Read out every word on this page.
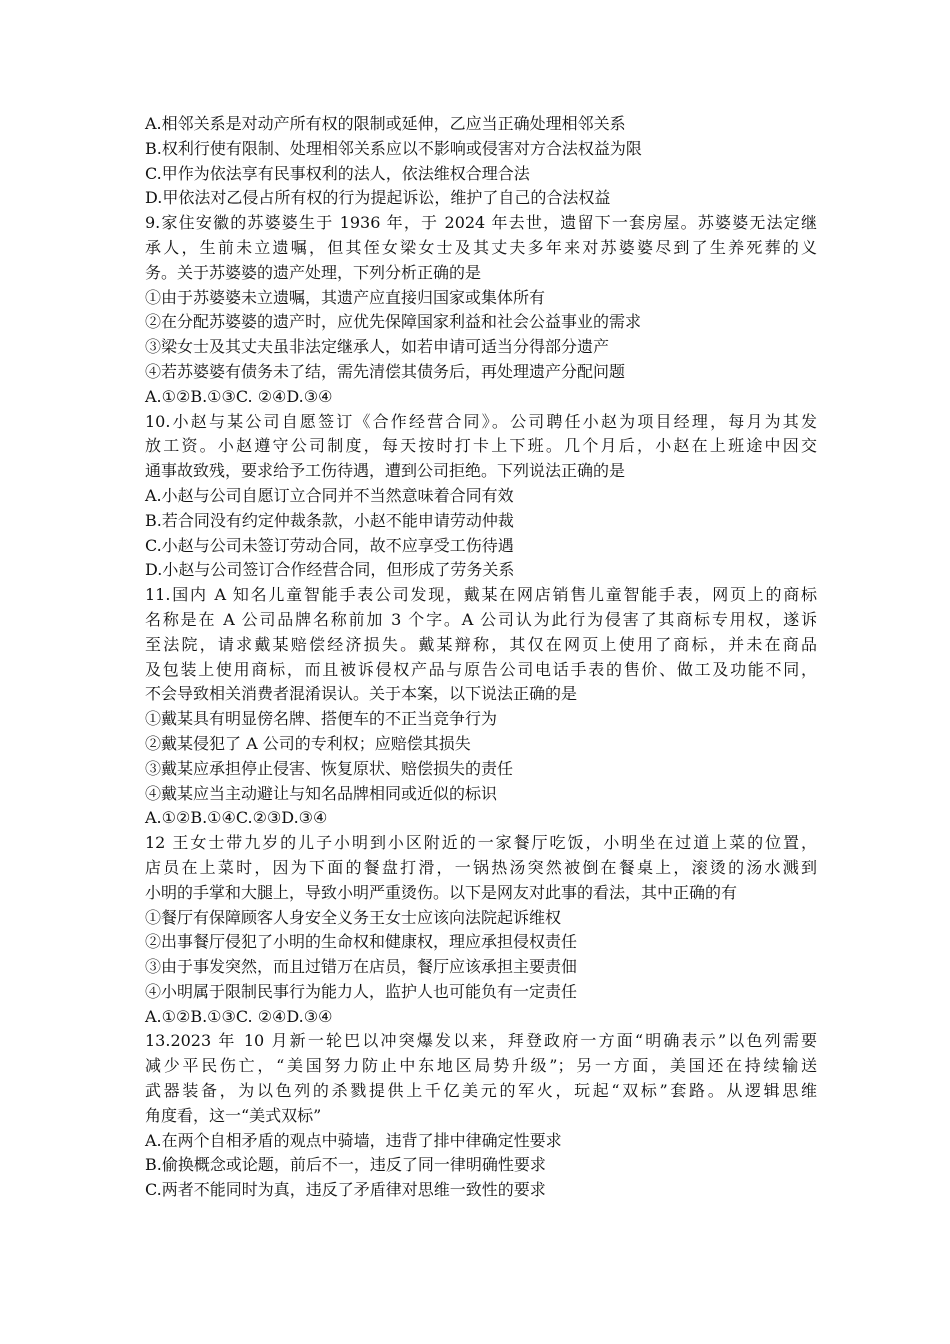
A.相邻关系是对动产所有权的限制或延伸，乙应当正确处理相邻关系
B.权利行使有限制、处理相邻关系应以不影响或侵害对方合法权益为限
C.甲作为依法享有民事权利的法人，依法维权合理合法
D.甲依法对乙侵占所有权的行为提起诉讼，维护了自己的合法权益
9.家住安徽的苏婆婆生于 1936 年，于 2024 年去世，遗留下一套房屋。苏婆婆无法定继
承人，生前未立遗嘱，但其侄女梁女士及其丈夫多年来对苏婆婆尽到了生养死葬的义
务。关于苏婆婆的遗产处理，下列分析正确的是
①由于苏婆婆未立遗嘱，其遗产应直接归国家或集体所有
②在分配苏婆婆的遗产时，应优先保障国家利益和社会公益事业的需求
③梁女士及其丈夫虽非法定继承人，如若申请可适当分得部分遗产
④若苏婆婆有债务未了结，需先清偿其债务后，再处理遗产分配问题
A.①②B.①③C. ②④D.③④
10.小赵与某公司自愿签订《合作经营合同》。公司聘任小赵为项目经理，每月为其发
放工资。小赵遵守公司制度，每天按时打卡上下班。几个月后，小赵在上班途中因交
通事故致残，要求给予工伤待遇，遭到公司拒绝。下列说法正确的是
A.小赵与公司自愿订立合同并不当然意味着合同有效
B.若合同没有约定仲裁条款，小赵不能申请劳动仲裁
C.小赵与公司未签订劳动合同，故不应享受工伤待遇
D.小赵与公司签订合作经营合同，但形成了劳务关系
11.国内 A 知名儿童智能手表公司发现，戴某在网店销售儿童智能手表，网页上的商标
名称是在 A 公司品牌名称前加 3 个字。A 公司认为此行为侵害了其商标专用权，遂诉
至法院，请求戴某赔偿经济损失。戴某辩称，其仅在网页上使用了商标，并未在商品
及包装上使用商标，而且被诉侵权产品与原告公司电话手表的售价、做工及功能不同，
不会导致相关消费者混淆误认。关于本案，以下说法正确的是
①戴某具有明显傍名牌、搭便车的不正当竞争行为
②戴某侵犯了 A 公司的专利权；应赔偿其损失
③戴某应承担停止侵害、恢复原状、赔偿损失的责任
④戴某应当主动避让与知名品牌相同或近似的标识
A.①②B.①④C.②③D.③④
12 王女士带九岁的儿子小明到小区附近的一家餐厅吃饭，小明坐在过道上菜的位置，
店员在上菜时，因为下面的餐盘打滑，一锅热汤突然被倒在餐桌上，滚烫的汤水溅到
小明的手掌和大腿上，导致小明严重烫伤。以下是网友对此事的看法，其中正确的有
①餐厅有保障顾客人身安全义务王女士应该向法院起诉维权
②出事餐厅侵犯了小明的生命权和健康权，理应承担侵权责任
③由于事发突然，而且过错万在店员，餐厅应该承担主要责佃
④小明属于限制民事行为能力人，监护人也可能负有一定责任
A.①②B.①③C. ②④D.③④
13.2023 年 10 月新一轮巴以冲突爆发以来，拜登政府一方面“明确表示”以色列需要
减少平民伤亡，“美国努力防止中东地区局势升级”；另一方面，美国还在持续输送
武器装备，为以色列的杀戮提供上千亿美元的军火，玩起“双标”套路。从逻辑思维
角度看，这一“美式双标”
A.在两个自相矛盾的观点中骑墙，违背了排中律确定性要求
B.偷换概念或论题，前后不一，违反了同一律明确性要求
C.两者不能同时为真，违反了矛盾律对思维一致性的要求
